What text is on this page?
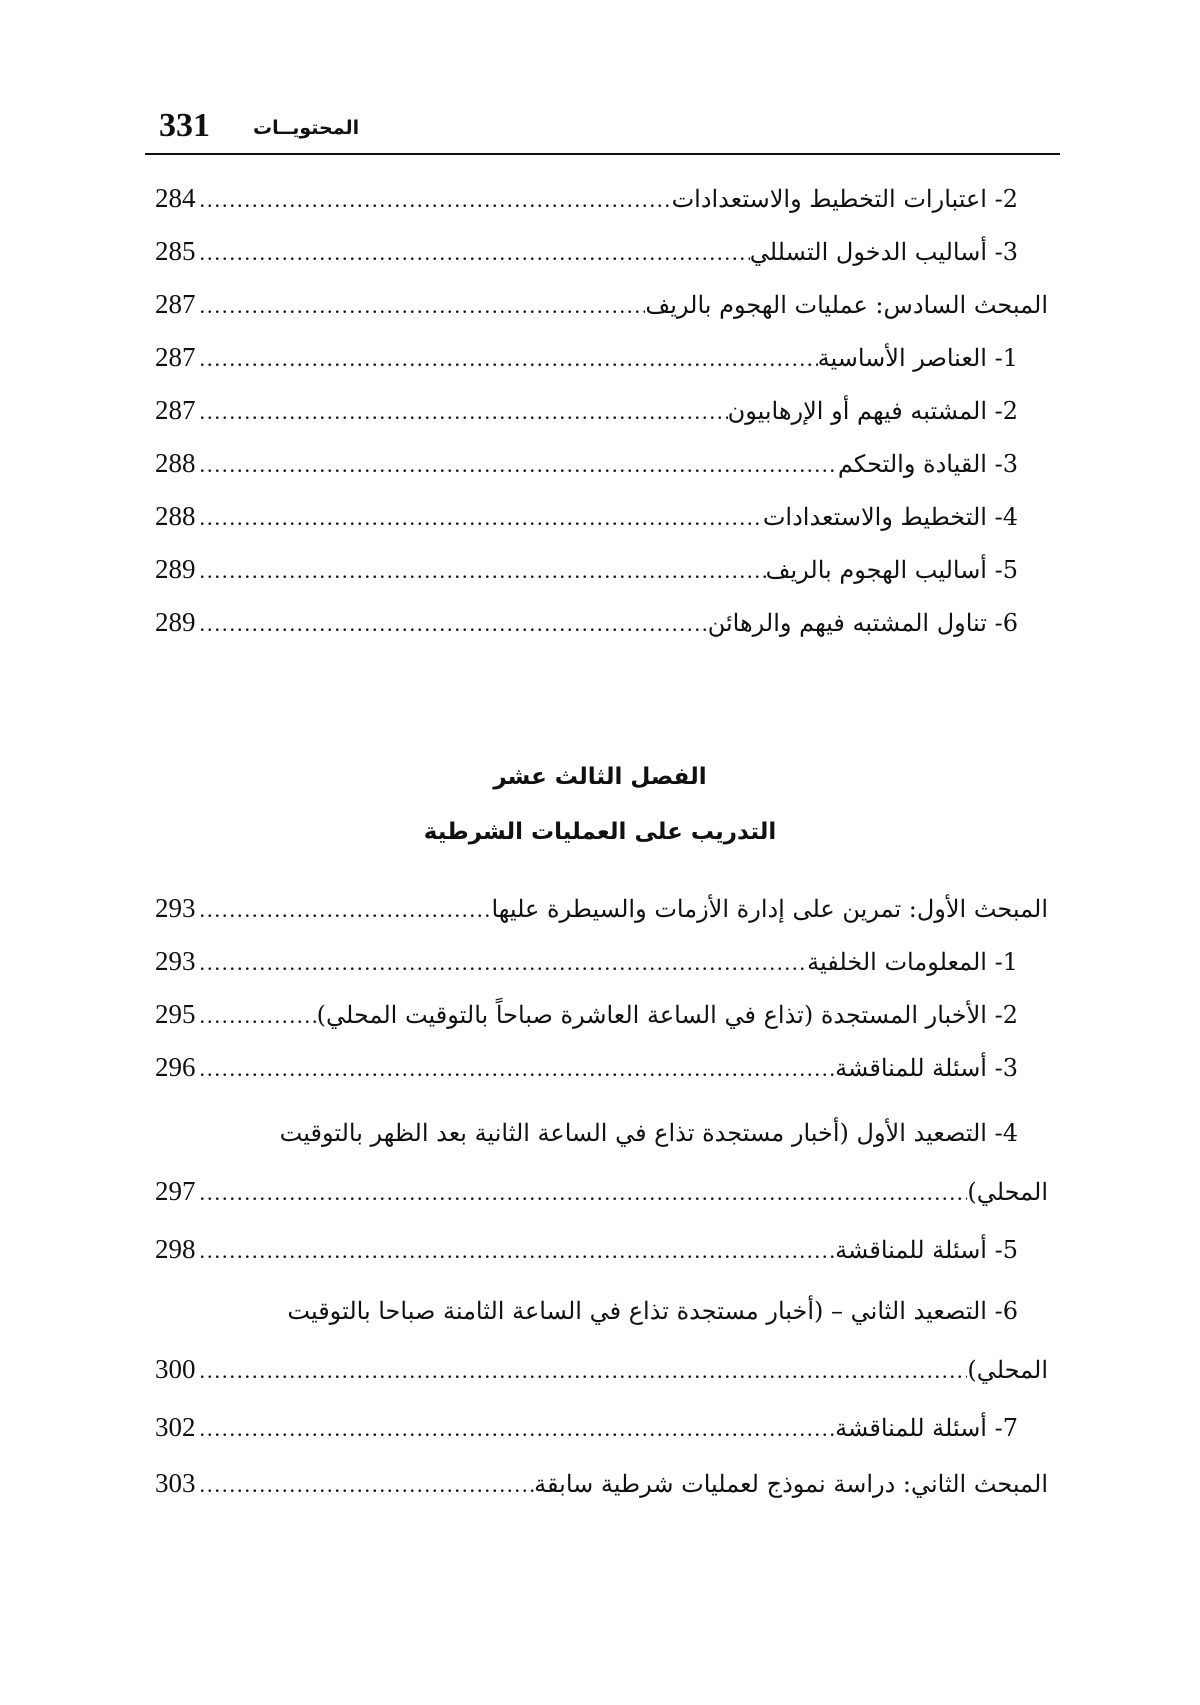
331 المحتويــات
2- اعتبارات التخطيط والاستعدادات
.....
284
3- أساليب الدخول التسللي
.....
285
المبحث السادس: عمليات الهجوم بالريف
.....
287
1- العناصر الأساسية
.....
287
2- المشتبه فيهم أو الإرهابيون
.....
287
3- القيادة والتحكم
.....
288
4- التخطيط والاستعدادات
.....
288
5- أساليب الهجوم بالريف
.....
289
6- تناول المشتبه فيهم والرهائن
.....
289
الفصل الثالث عشر
التدريب على العمليات الشرطية
المبحث الأول: تمرين على إدارة الأزمات والسيطرة عليها
.....
293
1- المعلومات الخلفية
.....
293
2- الأخبار المستجدة (تذاع في الساعة العاشرة صباحاً بالتوقيت المحلي)
.....
295
3- أسئلة للمناقشة
.....
296
4- التصعيد الأول (أخبار مستجدة تذاع في الساعة الثانية بعد الظهر بالتوقيت
المحلي)
.....
297
5- أسئلة للمناقشة
.....
298
6- التصعيد الثاني – (أخبار مستجدة تذاع في الساعة الثامنة صباحا بالتوقيت
المحلي)
.....
300
7- أسئلة للمناقشة
.....
302
المبحث الثاني: دراسة نموذج لعمليات شرطية سابقة
.....
303
